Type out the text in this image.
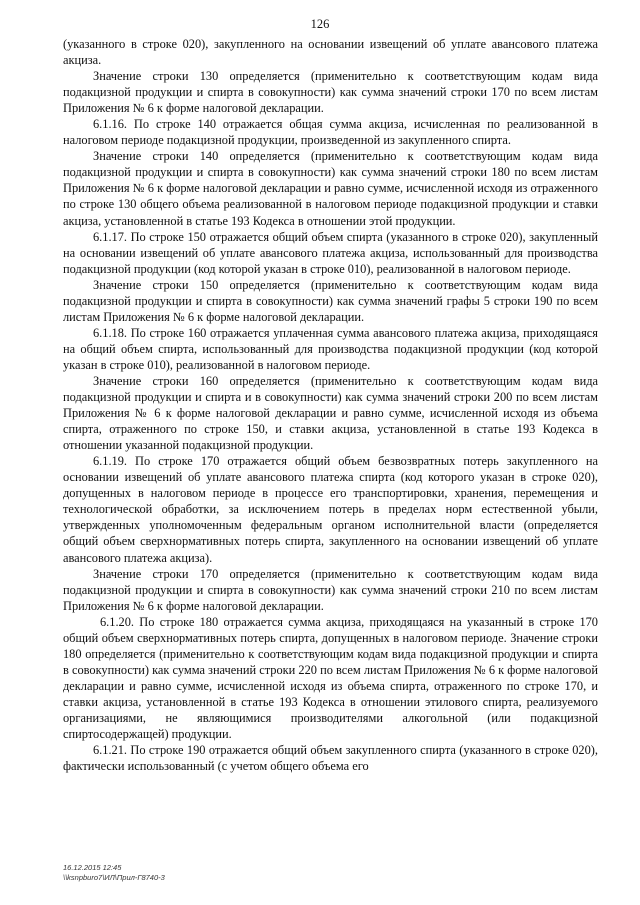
126

(указанного в строке 020), закупленного на основании извещений об уплате авансового платежа акциза.

Значение строки 130 определяется (применительно к соответствующим кодам вида подакцизной продукции и спирта в совокупности) как сумма значений строки 170 по всем листам Приложения № 6 к форме налоговой декларации.

6.1.16. По строке 140 отражается общая сумма акциза, исчисленная по реализованной в налоговом периоде подакцизной продукции, произведенной из закупленного спирта.

Значение строки 140 определяется (применительно к соответствующим кодам вида подакцизной продукции и спирта в совокупности) как сумма значений строки 180 по всем листам Приложения № 6 к форме налоговой декларации и равно сумме, исчисленной исходя из отраженного по строке 130 общего объема реализованной в налоговом периоде подакцизной продукции и ставки акциза, установленной в статье 193 Кодекса в отношении этой продукции.

6.1.17. По строке 150 отражается общий объем спирта (указанного в строке 020), закупленный на основании извещений об уплате авансового платежа акциза, использованный для производства подакцизной продукции (код которой указан в строке 010), реализованной в налоговом периоде.

Значение строки 150 определяется (применительно к соответствующим кодам вида подакцизной продукции и спирта в совокупности) как сумма значений графы 5 строки 190 по всем листам Приложения № 6 к форме налоговой декларации.

6.1.18. По строке 160 отражается уплаченная сумма авансового платежа акциза, приходящаяся на общий объем спирта, использованный для производства подакцизной продукции (код которой указан в строке 010), реализованной в налоговом периоде.

Значение строки 160 определяется (применительно к соответствующим кодам вида подакцизной продукции и спирта и в совокупности) как сумма значений строки 200 по всем листам Приложения № 6 к форме налоговой декларации и равно сумме, исчисленной исходя из объема спирта, отраженного по строке 150, и ставки акциза, установленной в статье 193 Кодекса в отношении указанной подакцизной продукции.

6.1.19. По строке 170 отражается общий объем безвозвратных потерь закупленного на основании извещений об уплате авансового платежа спирта (код которого указан в строке 020), допущенных в налоговом периоде в процессе его транспортировки, хранения, перемещения и технологической обработки, за исключением потерь в пределах норм естественной убыли, утвержденных уполномоченным федеральным органом исполнительной власти (определяется общий объем сверхнормативных потерь спирта, закупленного на основании извещений об уплате авансового платежа акциза).

Значение строки 170 определяется (применительно к соответствующим кодам вида подакцизной продукции и спирта в совокупности) как сумма значений строки 210 по всем листам Приложения № 6 к форме налоговой декларации.

6.1.20. По строке 180 отражается сумма акциза, приходящаяся на указанный в строке 170 общий объем сверхнормативных потерь спирта, допущенных в налоговом периоде. Значение строки 180 определяется (применительно к соответствующим кодам вида подакцизной продукции и спирта в совокупности) как сумма значений строки 220 по всем листам Приложения № 6 к форме налоговой декларации и равно сумме, исчисленной исходя из объема спирта, отраженного по строке 170, и ставки акциза, установленной в статье 193 Кодекса в отношении этилового спирта, реализуемого организациями, не являющимися производителями алкогольной (или подакцизной спиртосодержащей) продукции.

6.1.21. По строке 190 отражается общий объем закупленного спирта (указанного в строке 020), фактически использованный (с учетом общего объема его

16.12.2015 12:45
\\ksnpburo7\ИЛ\Прил-Г8740-3
